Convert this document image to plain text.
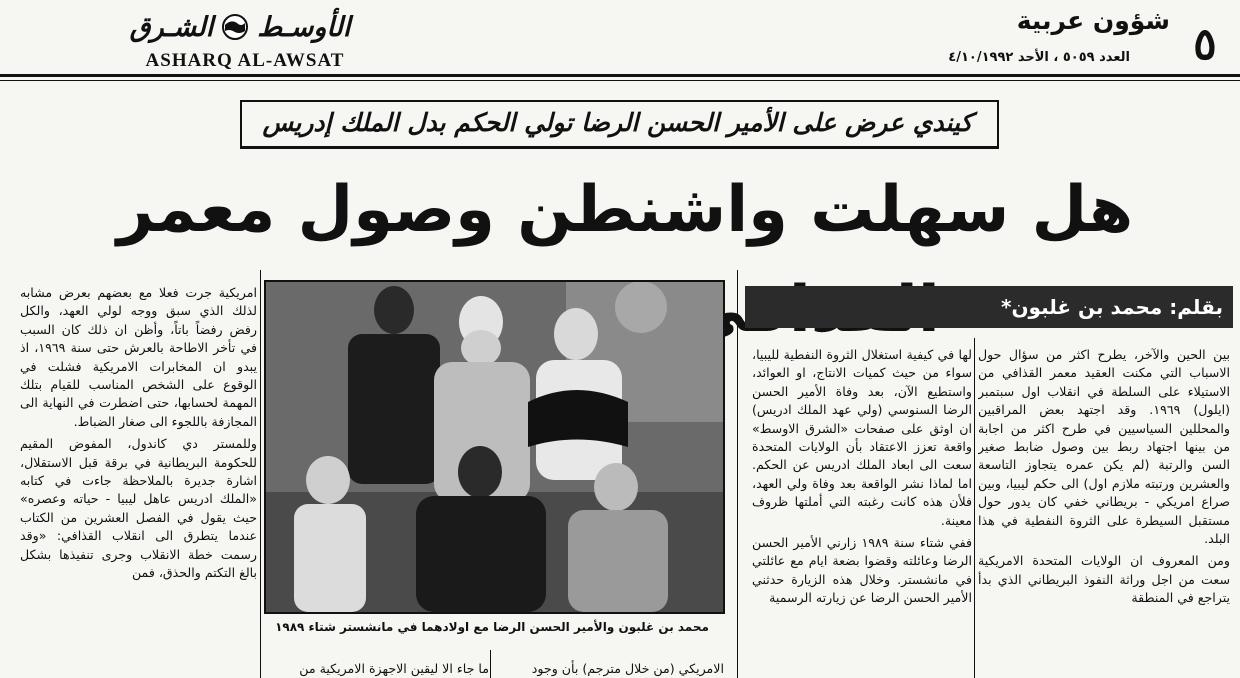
٥
شؤون عربية
العدد ٥٠٥٩ ، الأحد ٤/١٠/١٩٩٢
الشـرق الأوسـط
ASHARQ AL-AWSAT
كيندي عرض على الأمير الحسن الرضا تولي الحكم بدل الملك إدريس
هل سهلت واشنطن وصول معمر
بقلم: محمد بن غلبون*
محمد بن غلبون والأمير الحسن الرضا مع اولادهما في مانشستر شتاء ١٩٨٩

بين الحين والآخر، يطرح اكثر من سؤال حول الاسباب التي مكنت العقيد معمر القذافي من الاستيلاء على السلطة في انقلاب اول سبتمبر (ايلول) ١٩٦٩. وقد اجتهد بعض المراقبين والمحللين السياسيين في طرح اكثر من اجابة من بينها اجتهاد ربط بين وصول ضابط صغير السن والرتبة (لم يكن عمره يتجاوز التاسعة والعشرين ورتبته ملازم اول) الى حكم ليبيا، وبين صراع امريكي - بريطاني خفي كان يدور حول مستقبل السيطرة على الثروة النفطية في هذا البلد.

ومن المعروف ان الولايات المتحدة الامريكية سعت من اجل وراثة النفوذ البريطاني الذي بدأ يتراجع في المنطقة

لها في كيفية استغلال الثروة النفطية لليبيا، سواء من حيث كميات الانتاج، او العوائد، واستطيع الآن، بعد وفاة الأمير الحسن الرضا السنوسي (ولي عهد الملك ادريس) ان اوثق على صفحات «الشرق الاوسط» واقعة تعزز الاعتقاد بأن الولايات المتحدة سعت الى ابعاد الملك ادريس عن الحكم. اما لماذا نشر الواقعة بعد وفاة ولي العهد، فلأن هذه كانت رغبته التي أملتها ظروف معينة.

ففي شتاء سنة ١٩٨٩ زارني الأمير الحسن الرضا وعائلته وقضوا بضعة ايام مع عائلتي في مانشستر. وخلال هذه الزيارة حدثني الأمير الحسن الرضا عن زيارته الرسمية

امريكية جرت فعلا مع بعضهم بعرض مشابه لذلك الذي سبق ووجه لولي العهد، والكل رفض رفضاً باتاً، وأظن ان ذلك كان السبب في تأخر الاطاحة بالعرش حتى سنة ١٩٦٩، اذ يبدو ان المخابرات الامريكية فشلت في الوقوع على الشخص المناسب للقيام بتلك المهمة لحسابها، حتى اضطرت في النهاية الى المجازفة باللجوء الى صغار الضباط.

وللمستر دي كاندول، المفوض المقيم للحكومة البريطانية في برقة قبل الاستقلال، اشارة جديرة بالملاحظة جاءت في كتابه «الملك ادريس عاهل ليبيا - حياته وعصره» حيث يقول في الفصل العشرين من الكتاب عندما يتطرق الى انقلاب القذافي: «وقد رسمت خطة الانقلاب وجرى تنفيذها بشكل بالغ التكتم والحذق، فمن

ما جاء الا ليقين الاجهزة الامريكية من	الامريكي (من خلال مترجم) بأن وجود
